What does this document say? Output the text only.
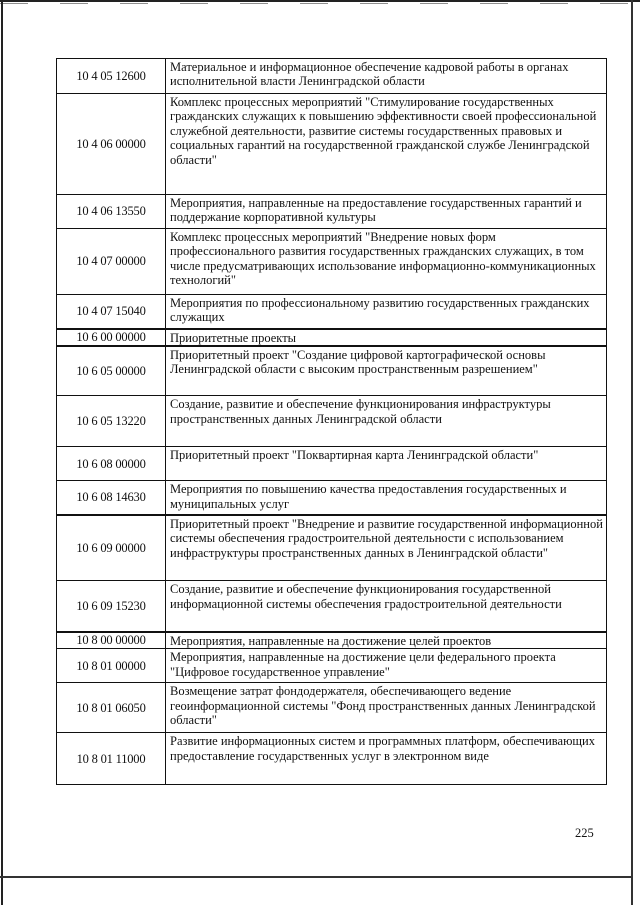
10 4 05 12600	Материальное и информационное обеспечение кадровой работы в органах исполнительной власти Ленинградской области
10 4 06 00000	Комплекс процессных мероприятий "Стимулирование государственных гражданских служащих к повышению эффективности своей профессиональной служебной деятельности, развитие системы государственных правовых и социальных гарантий на государственной гражданской службе Ленинградской области"
10 4 06 13550	Мероприятия, направленные на предоставление государственных гарантий и поддержание корпоративной культуры
10 4 07 00000	Комплекс процессных мероприятий "Внедрение новых форм профессионального развития государственных гражданских служащих, в том числе предусматривающих использование информационно-коммуникационных технологий"
10 4 07 15040	Мероприятия по профессиональному развитию государственных гражданских служащих
10 6 00 00000	Приоритетные проекты
10 6 05 00000	Приоритетный проект "Создание цифровой картографической основы Ленинградской области с высоким пространственным разрешением"
10 6 05 13220	Создание, развитие и обеспечение функционирования инфраструктуры пространственных данных Ленинградской области
10 6 08 00000	Приоритетный проект "Поквартирная карта Ленинградской области"
10 6 08 14630	Мероприятия по повышению качества предоставления государственных и муниципальных услуг
10 6 09 00000	Приоритетный проект "Внедрение и развитие государственной информационной системы обеспечения градостроительной деятельности с использованием инфраструктуры пространственных данных в Ленинградской области"
10 6 09 15230	Создание, развитие и обеспечение функционирования государственной информационной системы обеспечения градостроительной деятельности
10 8 00 00000	Мероприятия, направленные на достижение целей проектов
10 8 01 00000	Мероприятия, направленные на достижение цели федерального проекта "Цифровое государственное управление"
10 8 01 06050	Возмещение затрат фондодержателя, обеспечивающего ведение геоинформационной системы "Фонд пространственных данных Ленинградской области"
10 8 01 11000	Развитие информационных систем и программных платформ, обеспечивающих предоставление государственных услуг в электронном виде
225
